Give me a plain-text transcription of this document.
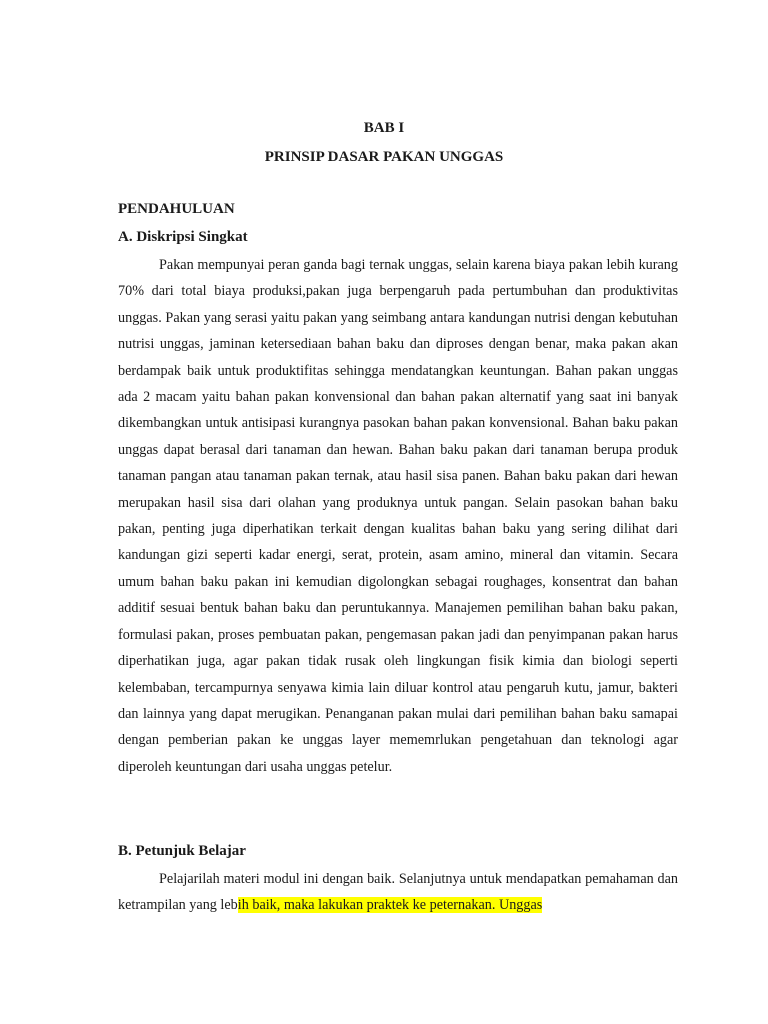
BAB I
PRINSIP DASAR PAKAN UNGGAS
PENDAHULUAN
A. Diskripsi Singkat

Pakan mempunyai peran ganda bagi ternak unggas, selain karena biaya pakan lebih kurang 70% dari total biaya produksi,pakan juga berpengaruh pada pertumbuhan dan produktivitas unggas. Pakan yang serasi yaitu pakan yang seimbang antara kandungan nutrisi dengan kebutuhan nutrisi unggas, jaminan ketersediaan bahan baku dan diproses dengan benar, maka pakan akan berdampak baik untuk produktifitas sehingga mendatangkan keuntungan. Bahan pakan unggas ada 2 macam yaitu bahan pakan konvensional dan bahan pakan alternatif yang saat ini banyak dikembangkan untuk antisipasi kurangnya pasokan bahan pakan konvensional. Bahan baku pakan unggas dapat berasal dari tanaman dan hewan. Bahan baku pakan dari tanaman berupa produk tanaman pangan atau tanaman pakan ternak, atau hasil sisa panen. Bahan baku pakan dari hewan merupakan hasil sisa dari olahan yang produknya untuk pangan. Selain pasokan bahan baku pakan, penting juga diperhatikan terkait dengan kualitas bahan baku yang sering dilihat dari kandungan gizi seperti kadar energi, serat, protein, asam amino, mineral dan vitamin. Secara umum bahan baku pakan ini kemudian digolongkan sebagai roughages, konsentrat dan bahan additif sesuai bentuk bahan baku dan peruntukannya. Manajemen pemilihan bahan baku pakan, formulasi pakan, proses pembuatan pakan, pengemasan pakan jadi dan penyimpanan pakan harus diperhatikan juga, agar pakan tidak rusak oleh lingkungan fisik kimia dan biologi seperti kelembaban, tercampurnya senyawa kimia lain diluar kontrol atau pengaruh kutu, jamur, bakteri dan lainnya yang dapat merugikan. Penanganan pakan mulai dari pemilihan bahan baku samapai dengan pemberian pakan ke unggas layer mememrlukan pengetahuan dan teknologi agar diperoleh keuntungan dari usaha unggas petelur.

B. Petunjuk Belajar

Pelajarilah materi modul ini dengan baik. Selanjutnya untuk mendapatkan pemahaman dan ketrampilan yang lebih baik, maka lakukan praktek ke peternakan. Unggas
